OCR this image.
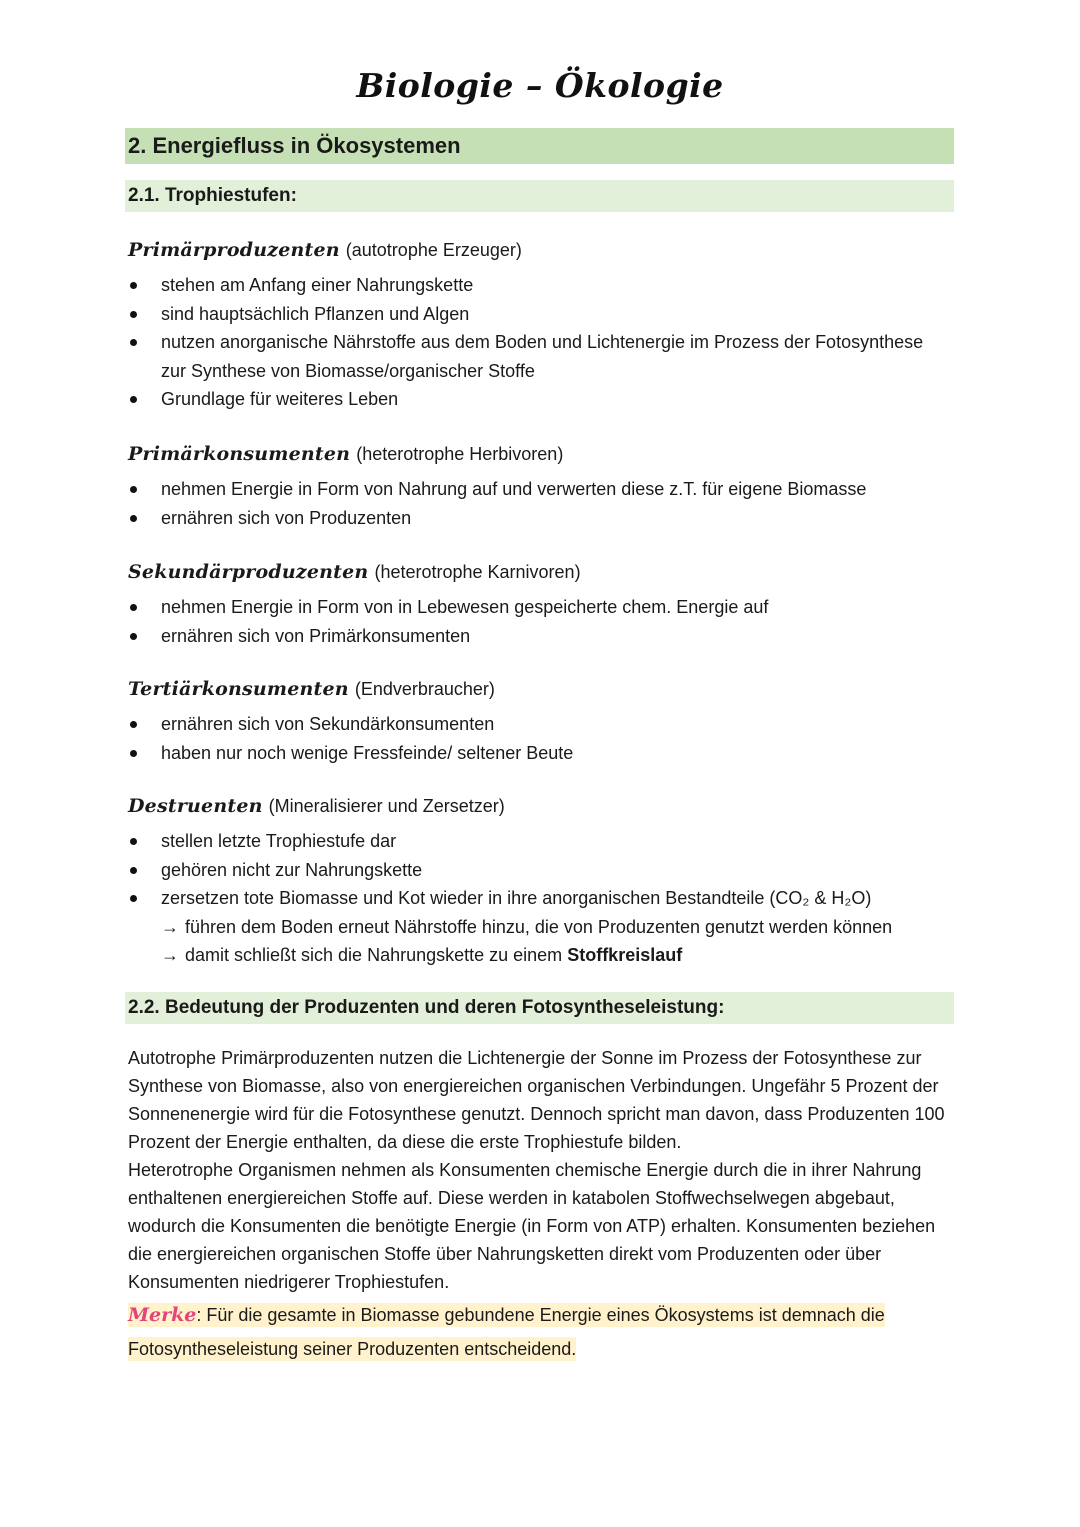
Biologie – Ökologie
2. Energiefluss in Ökosystemen
2.1. Trophiestufen:
Primärproduzenten (autotrophe Erzeuger)
stehen am Anfang einer Nahrungskette
sind hauptsächlich Pflanzen und Algen
nutzen anorganische Nährstoffe aus dem Boden und Lichtenergie im Prozess der Fotosynthese
zur Synthese von Biomasse/organischer Stoffe
Grundlage für weiteres Leben
Primärkonsumenten (heterotrophe Herbivoren)
nehmen Energie in Form von Nahrung auf und verwerten diese z.T. für eigene Biomasse
ernähren sich von Produzenten
Sekundärproduzenten (heterotrophe Karnivoren)
nehmen Energie in Form von in Lebewesen gespeicherte chem. Energie auf
ernähren sich von Primärkonsumenten
Tertiärkonsumenten (Endverbraucher)
ernähren sich von Sekundärkonsumenten
haben nur noch wenige Fressfeinde/ seltener Beute
Destruenten (Mineralisierer und Zersetzer)
stellen letzte Trophiestufe dar
gehören nicht zur Nahrungskette
zersetzen tote Biomasse und Kot wieder in ihre anorganischen Bestandteile (CO₂ & H₂O)
→ führen dem Boden erneut Nährstoffe hinzu, die von Produzenten genutzt werden können
→ damit schließt sich die Nahrungskette zu einem Stoffkreislauf
2.2. Bedeutung der Produzenten und deren Fotosyntheseleistung:
Autotrophe Primärproduzenten nutzen die Lichtenergie der Sonne im Prozess der Fotosynthese zur Synthese von Biomasse, also von energiereichen organischen Verbindungen. Ungefähr 5 Prozent der Sonnenenergie wird für die Fotosynthese genutzt. Dennoch spricht man davon, dass Produzenten 100 Prozent der Energie enthalten, da diese die erste Trophiestufe bilden.
Heterotrophe Organismen nehmen als Konsumenten chemische Energie durch die in ihrer Nahrung enthaltenen energiereichen Stoffe auf. Diese werden in katabolen Stoffwechselwegen abgebaut, wodurch die Konsumenten die benötigte Energie (in Form von ATP) erhalten. Konsumenten beziehen die energiereichen organischen Stoffe über Nahrungsketten direkt vom Produzenten oder über Konsumenten niedrigerer Trophiestufen.
Merke: Für die gesamte in Biomasse gebundene Energie eines Ökosystems ist demnach die Fotosyntheseleistung seiner Produzenten entscheidend.
